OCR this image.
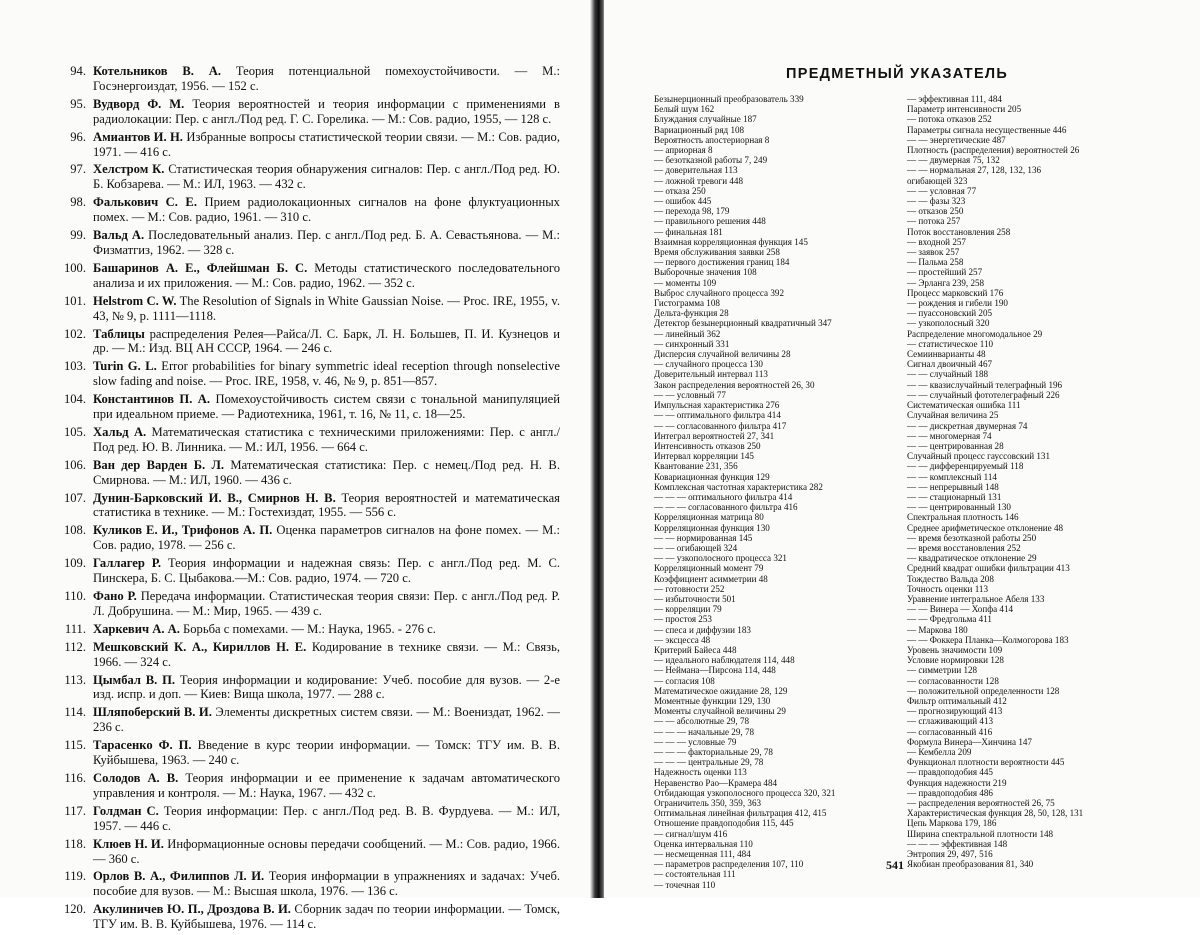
94. Котельников В. А. Теория потенциальной помехоустойчивости. — М.: Госэнергоиздат, 1956. — 152 с.
95. Вудворд Ф. М. Теория вероятностей и теория информации с применениями в радиолокации: Пер. с англ./Под ред. Г. С. Горелика. — М.: Сов. радио, 1955, — 128 с.
96. Амиантов И. Н. Избранные вопросы статистической теории связи. — М.: Сов. радио, 1971. — 416 с.
97. Хелстром К. Статистическая теория обнаружения сигналов: Пер. с англ./Под ред. Ю. Б. Кобзарева. — М.: ИЛ, 1963. — 432 с.
98. Фалькович С. Е. Прием радиолокационных сигналов на фоне флуктуационных помех. — М.: Сов. радио, 1961. — 310 с.
99. Вальд А. Последовательный анализ. Пер. с англ./Под ред. Б. А. Севастьянова. — М.: Физматгиз, 1962. — 328 с.
100. Башаринов А. Е., Флейшман Б. С. Методы статистического последовательного анализа и их приложения. — М.: Сов. радио, 1962. — 352 с.
101. Helstrom C. W. The Resolution of Signals in White Gaussian Noise. — Proc. IRE, 1955, v. 43, № 9, p. 1111—1118.
102. Таблицы распределения Релея—Райса/Л. С. Барк, Л. Н. Большев, П. И. Кузнецов и др. — М.: Изд. ВЦ АН СССР, 1964. — 246 с.
103. Turin G. L. Error probabilities for binary symmetric ideal reception through nonselective slow fading and noise. — Proc. IRE, 1958, v. 46, № 9, p. 851—857.
104. Константинов П. А. Помехоустойчивость систем связи с тональной манипуляцией при идеальном приеме. — Радиотехника, 1961, т. 16, № 11, с. 18—25.
105. Хальд А. Математическая статистика с техническими приложениями: Пер. с англ./Под ред. Ю. В. Линника. — М.: ИЛ, 1956. — 664 с.
106. Ван дер Варден Б. Л. Математическая статистика: Пер. с немец./Под ред. Н. В. Смирнова. — М.: ИЛ, 1960. — 436 с.
107. Дунин-Барковский И. В., Смирнов Н. В. Теория вероятностей и математическая статистика в технике. — М.: Гостехиздат, 1955. — 556 с.
108. Куликов Е. И., Трифонов А. П. Оценка параметров сигналов на фоне помех. — М.: Сов. радио, 1978. — 256 с.
109. Галлагер Р. Теория информации и надежная связь: Пер. с англ./Под ред. М. С. Пинскера, Б. С. Цыбакова.—М.: Сов. радио, 1974. — 720 с.
110. Фано Р. Передача информации. Статистическая теория связи: Пер. с англ./Под ред. Р. Л. Добрушина. — М.: Мир, 1965. — 439 с.
111. Харкевич А. А. Борьба с помехами. — М.: Наука, 1965. - 276 с.
112. Мешковский К. А., Кириллов Н. Е. Кодирование в технике связи. — М.: Связь, 1966. — 324 с.
113. Цымбал В. П. Теория информации и кодирование: Учеб. пособие для вузов. — 2-е изд. испр. и доп. — Киев: Вища школа, 1977. — 288 с.
114. Шляпоберский В. И. Элементы дискретных систем связи. — М.: Воениздат, 1962. — 236 с.
115. Тарасенко Ф. П. Введение в курс теории информации. — Томск: ТГУ им. В. В. Куйбышева, 1963. — 240 с.
116. Солодов А. В. Теория информации и ее применение к задачам автоматического управления и контроля. — М.: Наука, 1967. — 432 с.
117. Голдман С. Теория информации: Пер. с англ./Под ред. В. В. Фурдуева. — М.: ИЛ, 1957. — 446 с.
118. Клюев Н. И. Информационные основы передачи сообщений. — М.: Сов. радио, 1966. — 360 с.
119. Орлов В. А., Филиппов Л. И. Теория информации в упражнениях и задачах: Учеб. пособие для вузов. — М.: Высшая школа, 1976. — 136 с.
120. Акулиничев Ю. П., Дроздова В. И. Сборник задач по теории информации. — Томск, ТГУ им. В. В. Куйбышева, 1976. — 114 с.
ПРЕДМЕТНЫЙ УКАЗАТЕЛЬ
Безынерционный преобразователь 339
Белый шум 162
Блуждания случайные 187
Вариационный ряд 108
Вероятность апостериорная 8
— априорная 8
— безотказной работы 7, 249
— доверительная 113
— ложной тревоги 448
— отказа 250
— ошибок 445
— перехода 98, 179
— правильного решения 448
— финальная 181
Взаимная корреляционная функция 145
Время обслуживания заявки 258
— первого достижения границ 184
Выборочные значения 108
— моменты 109
Выброс случайного процесса 392
Гистограмма 108
Дельта-функция 28
Детектор безынерционный квадратичный 347
— линейный 362
— синхронный 331
Дисперсия случайной величины 28
— случайного процесса 130
Доверительный интервал 113
Закон распределения вероятностей 26, 30
— — условный 77
Импульсная характеристика 276
— — оптимального фильтра 414
— — согласованного фильтра 417
Интеграл вероятностей 27, 341
Интенсивность отказов 250
Интервал корреляции 145
Квантование 231, 356
Ковариационная функция 129
Комплексная частотная характеристика 282
— — — оптимального фильтра 414
— — — согласованного фильтра 416
Корреляционная матрица 80
Корреляционная функция 130
— — нормированная 145
— — огибающей 324
— — узкополосного процесса 321
Корреляционный момент 79
Коэффициент асимметрии 48
— готовности 252
— избыточности 501
— корреляции 79
— простоя 253
— спеса и диффузии 183
— эксцесса 48
Критерий Байеса 448
— идеального наблюдателя 114, 448
— Неймана—Пирсона 114, 448
— согласия 108
Математическое ожидание 28, 129
Моментные функции 129, 130
Моменты случайной величины 29
— — абсолютные 29, 78
— — — начальные 29, 78
— — — условные 79
— — — факториальные 29, 78
— — — центральные 29, 78
Надежность оценки 113
Неравенство Рао—Крамера 484
Отбидающая узкополосного процесса 320, 321
Ограничитель 350, 359, 363
Оптимальная линейная фильтрация 412, 415
Отношение правдоподобия 115, 445
— сигнал/шум 416
Оценка интервальная 110
— несмещенная 111, 484
— параметров распределения 107, 110
— состоятельная 111
— точечная 110
— эффективная 111, 484
Параметр интенсивности 205
— потока отказов 252
Параметры сигнала несущественные 446
— — энергетические 487
Плотность (распределения) вероятностей 26
— — двумерная 75, 132
— — нормальная 27, 128, 132, 136
огибающей 323
— — условная 77
— — фазы 323
— отказов 250
— потока 257
Поток восстановления 258
— входной 257
— заявок 257
— Пальма 258
— простейший 257
— Эрланга 239, 258
Процесс марковский 176
— рождения и гибели 190
— пуассоновский 205
— узкополосный 320
Распределение многомодальное 29
— статистическое 110
Семиинварианты 48
Сигнал двоичный 467
— — случайный 188
— — квазислучайный телеграфный 196
— — случайный фототелеграфный 226
Систематическая ошибка 111
Случайная величина 25
— — дискретная двумерная 74
— — многомерная 74
— — центрированная 28
Случайный процесс гауссовский 131
— — дифференцируемый 118
— — комплексный 114
— — непрерывный 148
— — стационарный 131
— — центрированный 130
Спектральная плотность 146
Среднее арифметическое отклонение 48
— время безотказной работы 250
— время восстановления 252
— квадратическое отклонение 29
Средний квадрат ошибки фильтрации 413
Тождество Вальда 208
Точность оценки 113
Уравнение интегральное Абеля 133
— — Винера — Хопфа 414
— — Фредгольма 411
— Маркова 180
— — Фоккера Планка—Колмогорова 183
Уровень значимости 109
Условие нормировки 128
— симметрии 128
— согласованности 128
— положительной определенности 128
Фильтр оптимальный 412
— прогнозирующий 413
— сглаживающий 413
— согласованный 416
Формула Винера—Хинчина 147
— Кембелла 209
Функционал плотности вероятности 445
— правдоподобия 445
Функция надежности 219
— правдоподобия 486
— распределения вероятностей 26, 75
Характеристическая функция 28, 50, 128, 131
Цепь Маркова 179, 186
Ширина спектральной плотности 148
— — — эффективная 148
Энтропия 29, 497, 516
Якобиан преобразования 81, 340
541
